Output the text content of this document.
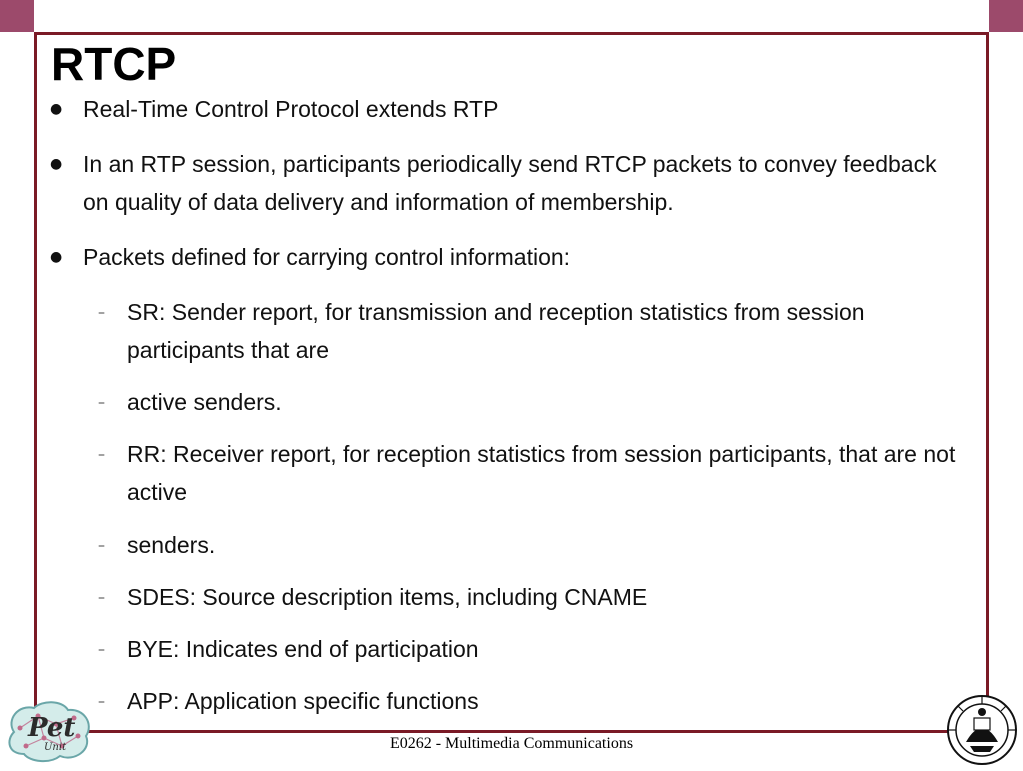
RTCP
● Real-Time Control Protocol extends RTP
● In an RTP session, participants periodically send RTCP packets to convey feedback on quality of data delivery and information of membership.
● Packets defined for carrying control information:
– SR: Sender report, for transmission and reception statistics from session participants that are
– active senders.
– RR: Receiver report, for reception statistics from session participants, that are not active
– senders.
– SDES: Source description items, including CNAME
– BYE: Indicates end of participation
– APP: Application specific functions
Pet
Unit	E0262 - Multimedia Communications
